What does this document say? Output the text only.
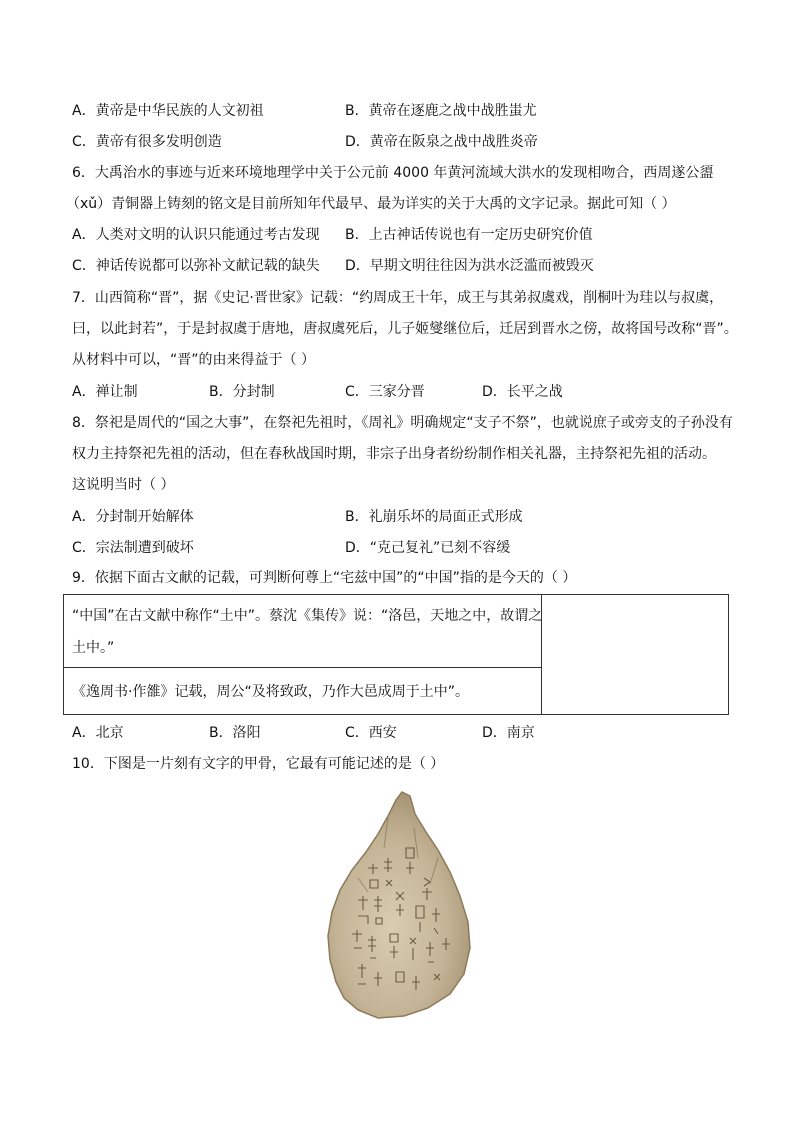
A．黄帝是中华民族的人文初祖	B．黄帝在逐鹿之战中战胜蚩尤
C．黄帝有很多发明创造	D．黄帝在阪泉之战中战胜炎帝
6．大禹治水的事迹与近来环境地理学中关于公元前 4000 年黄河流域大洪水的发现相吻合，西周遂公盨
（xǔ）青铜器上铸刻的铭文是目前所知年代最早、最为详实的关于大禹的文字记录。据此可知（ ）
A．人类对文明的认识只能通过考古发现 B．上古神话传说也有一定历史研究价值
C．神话传说都可以弥补文献记载的缺失 D．早期文明往往因为洪水泛滥而被毁灭
7．山西简称“晋”，据《史记·晋世家》记载：“约周成王十年，成王与其弟叔虞戏，削桐叶为珪以与叔虞，
曰，以此封若”，于是封叔虞于唐地，唐叔虞死后，儿子姬燮继位后，迁居到晋水之傍，故将国号改称“晋”。
从材料中可以，“晋”的由来得益于（ ）
A．禅让制	B．分封制	C．三家分晋	D．长平之战
8．祭祀是周代的“国之大事”，在祭祀先祖时，《周礼》明确规定“支子不祭”，也就说庶子或旁支的子孙没有
权力主持祭祀先祖的活动，但在春秋战国时期，非宗子出身者纷纷制作相关礼器，主持祭祀先祖的活动。
这说明当时（ ）
A．分封制开始解体	B．礼崩乐坏的局面正式形成
C．宗法制遭到破坏	D．“克己复礼”已刻不容缓
9．依据下面古文献的记载，可判断何尊上“宅兹中国”的“中国”指的是今天的（ ）
“中国”在古文献中称作“土中”。蔡沈《集传》说：“洛邑，天地之中，故谓之
土中。”
《逸周书·作雒》记载，周公“及将致政，乃作大邑成周于土中”。
A．北京	B．洛阳	C．西安	D．南京
10．下图是一片刻有文字的甲骨，它最有可能记述的是（ ）
